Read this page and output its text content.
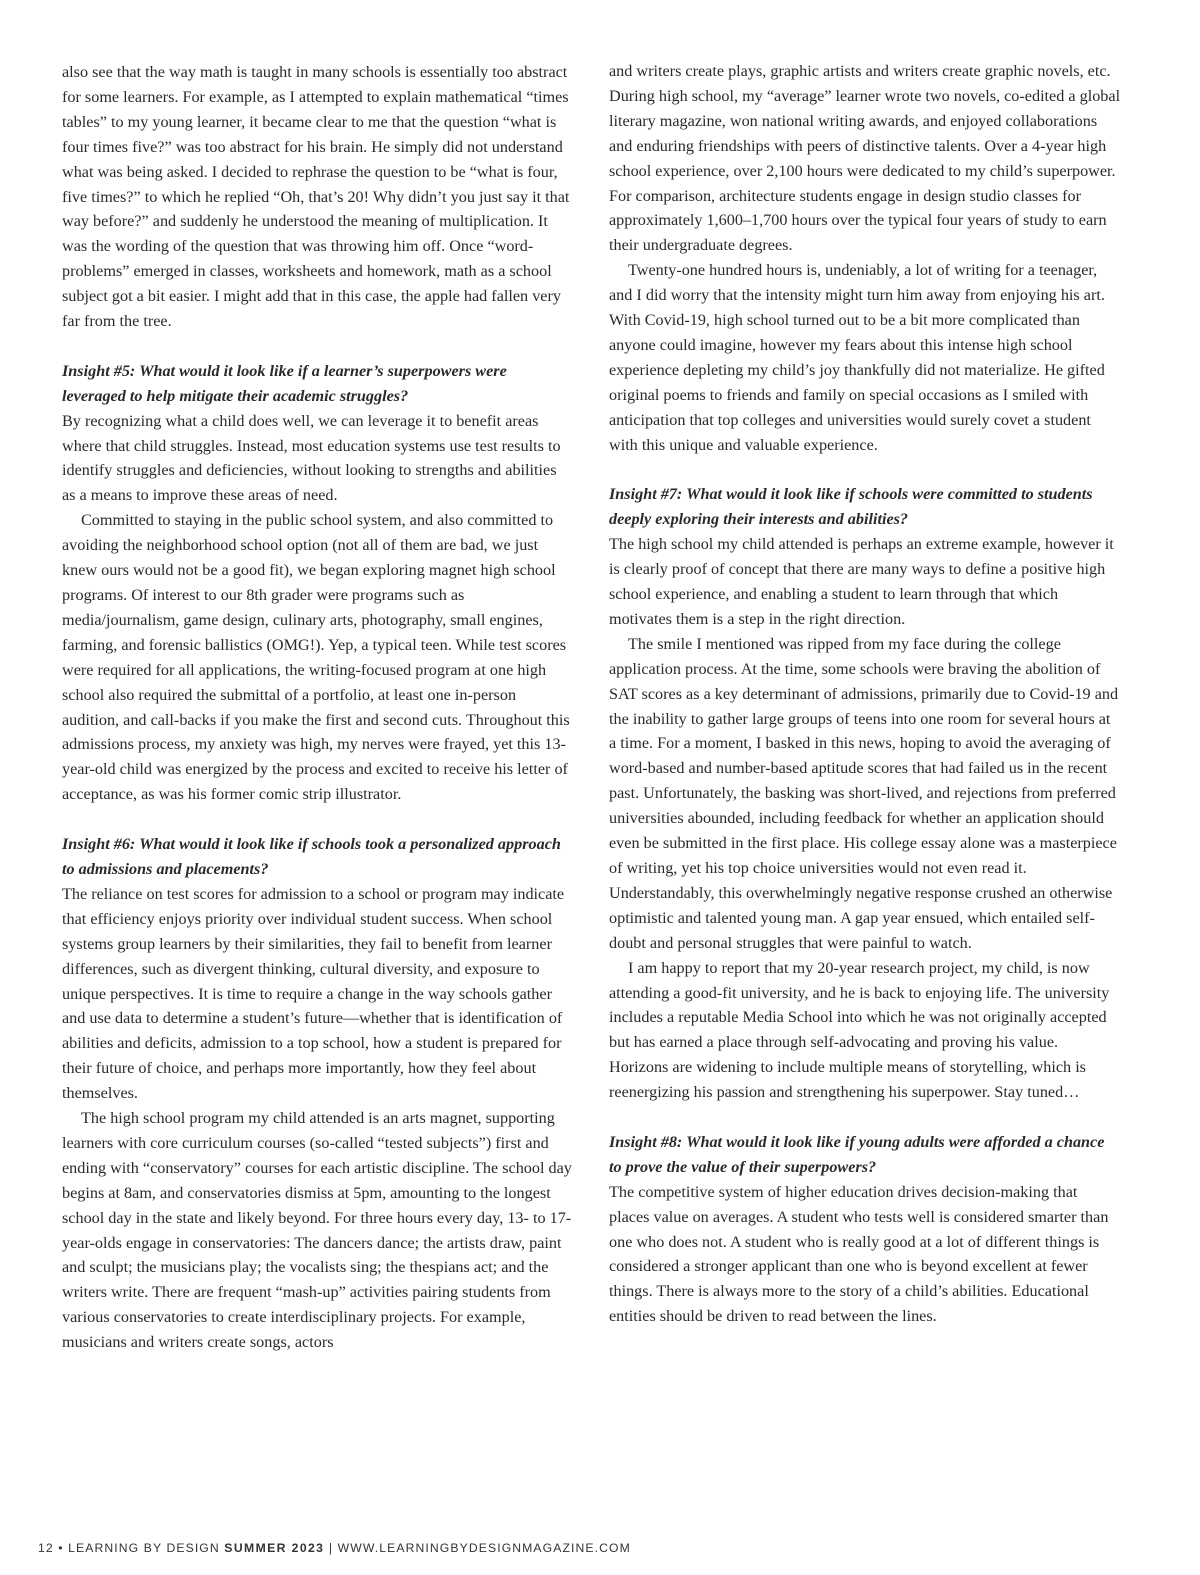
also see that the way math is taught in many schools is essentially too abstract for some learners. For example, as I attempted to explain mathematical “times tables” to my young learner, it became clear to me that the question “what is four times five?” was too abstract for his brain. He simply did not understand what was being asked. I decided to rephrase the question to be “what is four, five times?” to which he replied “Oh, that’s 20! Why didn’t you just say it that way before?” and suddenly he understood the meaning of multiplication. It was the wording of the question that was throwing him off. Once “word-problems” emerged in classes, worksheets and homework, math as a school subject got a bit easier. I might add that in this case, the apple had fallen very far from the tree.

Insight #5: What would it look like if a learner’s superpowers were leveraged to help mitigate their academic struggles?

By recognizing what a child does well, we can leverage it to benefit areas where that child struggles. Instead, most education systems use test results to identify struggles and deficiencies, without looking to strengths and abilities as a means to improve these areas of need.

Committed to staying in the public school system, and also committed to avoiding the neighborhood school option (not all of them are bad, we just knew ours would not be a good fit), we began exploring magnet high school programs. Of interest to our 8th grader were programs such as media/journalism, game design, culinary arts, photography, small engines, farming, and forensic ballistics (OMG!). Yep, a typical teen. While test scores were required for all applications, the writing-focused program at one high school also required the submittal of a portfolio, at least one in-person audition, and call-backs if you make the first and second cuts. Throughout this admissions process, my anxiety was high, my nerves were frayed, yet this 13-year-old child was energized by the process and excited to receive his letter of acceptance, as was his former comic strip illustrator.

Insight #6: What would it look like if schools took a personalized approach to admissions and placements?

The reliance on test scores for admission to a school or program may indicate that efficiency enjoys priority over individual student success. When school systems group learners by their similarities, they fail to benefit from learner differences, such as divergent thinking, cultural diversity, and exposure to unique perspectives. It is time to require a change in the way schools gather and use data to determine a student’s future—whether that is identification of abilities and deficits, admission to a top school, how a student is prepared for their future of choice, and perhaps more importantly, how they feel about themselves.

The high school program my child attended is an arts magnet, supporting learners with core curriculum courses (so-called “tested subjects”) first and ending with “conservatory” courses for each artistic discipline. The school day begins at 8am, and conservatories dismiss at 5pm, amounting to the longest school day in the state and likely beyond. For three hours every day, 13- to 17-year-olds engage in conservatories: The dancers dance; the artists draw, paint and sculpt; the musicians play; the vocalists sing; the thespians act; and the writers write. There are frequent “mash-up” activities pairing students from various conservatories to create interdisciplinary projects. For example, musicians and writers create songs, actors

and writers create plays, graphic artists and writers create graphic novels, etc. During high school, my “average” learner wrote two novels, co-edited a global literary magazine, won national writing awards, and enjoyed collaborations and enduring friendships with peers of distinctive talents. Over a 4-year high school experience, over 2,100 hours were dedicated to my child’s superpower. For comparison, architecture students engage in design studio classes for approximately 1,600–1,700 hours over the typical four years of study to earn their undergraduate degrees.

Twenty-one hundred hours is, undeniably, a lot of writing for a teenager, and I did worry that the intensity might turn him away from enjoying his art. With Covid-19, high school turned out to be a bit more complicated than anyone could imagine, however my fears about this intense high school experience depleting my child’s joy thankfully did not materialize. He gifted original poems to friends and family on special occasions as I smiled with anticipation that top colleges and universities would surely covet a student with this unique and valuable experience.

Insight #7: What would it look like if schools were committed to students deeply exploring their interests and abilities?

The high school my child attended is perhaps an extreme example, however it is clearly proof of concept that there are many ways to define a positive high school experience, and enabling a student to learn through that which motivates them is a step in the right direction.

The smile I mentioned was ripped from my face during the college application process. At the time, some schools were braving the abolition of SAT scores as a key determinant of admissions, primarily due to Covid-19 and the inability to gather large groups of teens into one room for several hours at a time. For a moment, I basked in this news, hoping to avoid the averaging of word-based and number-based aptitude scores that had failed us in the recent past. Unfortunately, the basking was short-lived, and rejections from preferred universities abounded, including feedback for whether an application should even be submitted in the first place. His college essay alone was a masterpiece of writing, yet his top choice universities would not even read it. Understandably, this overwhelmingly negative response crushed an otherwise optimistic and talented young man. A gap year ensued, which entailed self-doubt and personal struggles that were painful to watch.

I am happy to report that my 20-year research project, my child, is now attending a good-fit university, and he is back to enjoying life. The university includes a reputable Media School into which he was not originally accepted but has earned a place through self-advocating and proving his value. Horizons are widening to include multiple means of storytelling, which is reenergizing his passion and strengthening his superpower. Stay tuned…

Insight #8: What would it look like if young adults were afforded a chance to prove the value of their superpowers?

The competitive system of higher education drives decision-making that places value on averages. A student who tests well is considered smarter than one who does not. A student who is really good at a lot of different things is considered a stronger applicant than one who is beyond excellent at fewer things. There is always more to the story of a child’s abilities. Educational entities should be driven to read between the lines.

12 • LEARNING BY DESIGN SUMMER 2023 | WWW.LEARNINGBYDESIGNMAGAZINE.COM
